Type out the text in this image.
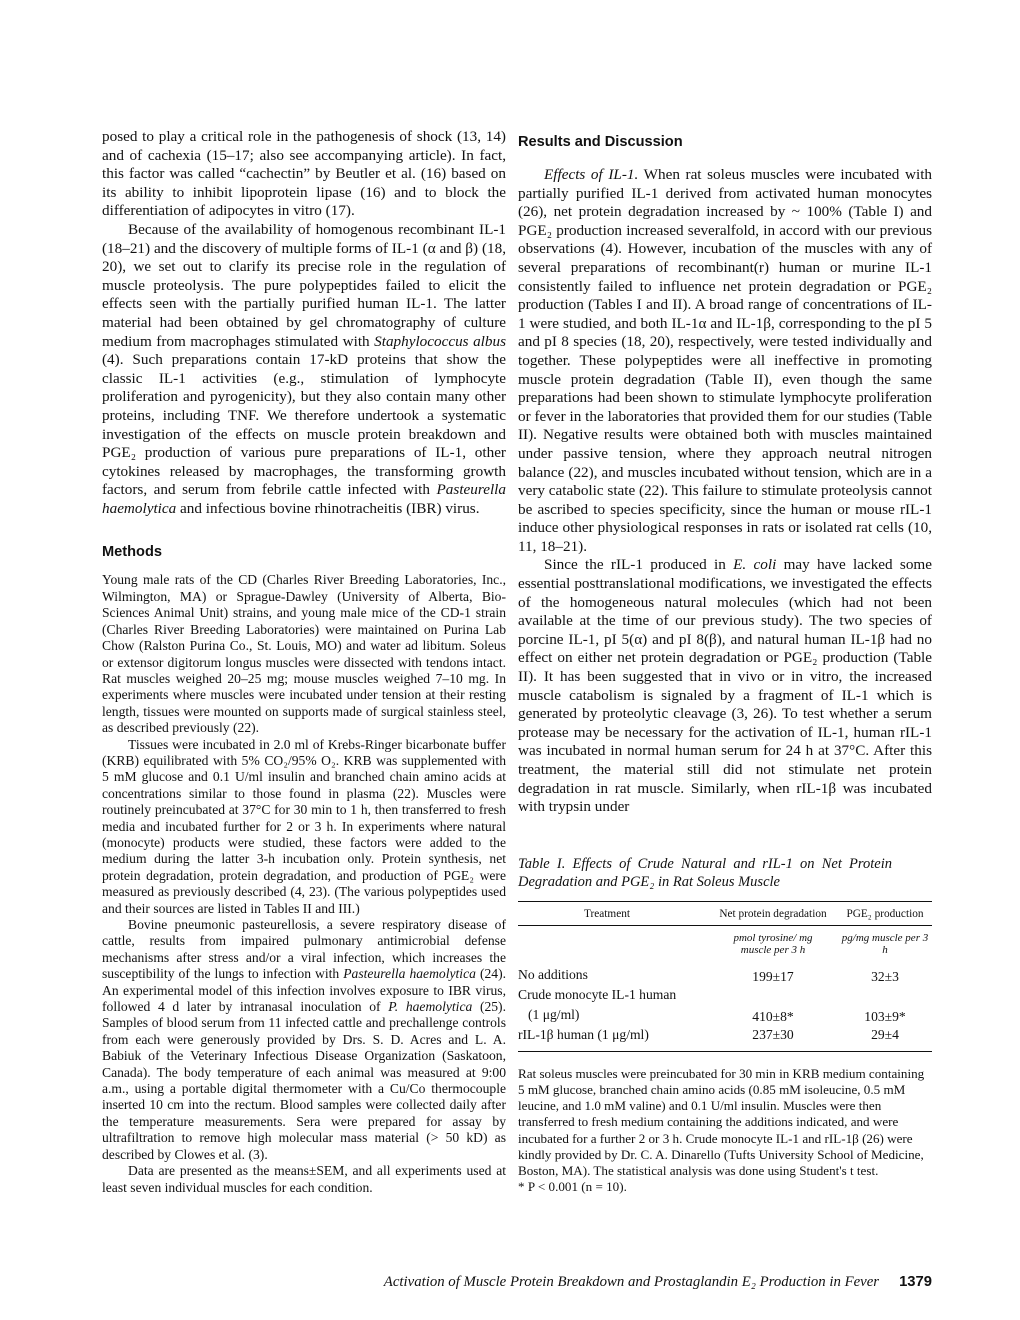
posed to play a critical role in the pathogenesis of shock (13, 14) and of cachexia (15–17; also see accompanying article). In fact, this factor was called “cachectin” by Beutler et al. (16) based on its ability to inhibit lipoprotein lipase (16) and to block the differentiation of adipocytes in vitro (17).

Because of the availability of homogenous recombinant IL-1 (18–21) and the discovery of multiple forms of IL-1 (α and β) (18, 20), we set out to clarify its precise role in the regulation of muscle proteolysis. The pure polypeptides failed to elicit the effects seen with the partially purified human IL-1. The latter material had been obtained by gel chromatography of culture medium from macrophages stimulated with Staphylococcus albus (4). Such preparations contain 17-kD proteins that show the classic IL-1 activities (e.g., stimulation of lymphocyte proliferation and pyrogenicity), but they also contain many other proteins, including TNF. We therefore undertook a systematic investigation of the effects on muscle protein breakdown and PGE₂ production of various pure preparations of IL-1, other cytokines released by macrophages, the transforming growth factors, and serum from febrile cattle infected with Pasteurella haemolytica and infectious bovine rhinotracheitis (IBR) virus.

Methods

Young male rats of the CD (Charles River Breeding Laboratories, Inc., Wilmington, MA) or Sprague-Dawley (University of Alberta, Bio-Sciences Animal Unit) strains, and young male mice of the CD-1 strain (Charles River Breeding Laboratories) were maintained on Purina Lab Chow (Ralston Purina Co., St. Louis, MO) and water ad libitum. Soleus or extensor digitorum longus muscles were dissected with tendons intact. Rat muscles weighed 20–25 mg; mouse muscles weighed 7–10 mg. In experiments where muscles were incubated under tension at their resting length, tissues were mounted on supports made of surgical stainless steel, as described previously (22).

Tissues were incubated in 2.0 ml of Krebs-Ringer bicarbonate buffer (KRB) equilibrated with 5% CO₂/95% O₂. KRB was supplemented with 5 mM glucose and 0.1 U/ml insulin and branched chain amino acids at concentrations similar to those found in plasma (22). Muscles were routinely preincubated at 37°C for 30 min to 1 h, then transferred to fresh media and incubated further for 2 or 3 h. In experiments where natural (monocyte) products were studied, these factors were added to the medium during the latter 3-h incubation only. Protein synthesis, net protein degradation, protein degradation, and production of PGE₂ were measured as previously described (4, 23). (The various polypeptides used and their sources are listed in Tables II and III.)

Bovine pneumonic pasteurellosis, a severe respiratory disease of cattle, results from impaired pulmonary antimicrobial defense mechanisms after stress and/or a viral infection, which increases the susceptibility of the lungs to infection with Pasteurella haemolytica (24). An experimental model of this infection involves exposure to IBR virus, followed 4 d later by intranasal inoculation of P. haemolytica (25). Samples of blood serum from 11 infected cattle and prechallenge controls from each were generously provided by Drs. S. D. Acres and L. A. Babiuk of the Veterinary Infectious Disease Organization (Saskatoon, Canada). The body temperature of each animal was measured at 9:00 a.m., using a portable digital thermometer with a Cu/Co thermocouple inserted 10 cm into the rectum. Blood samples were collected daily after the temperature measurements. Sera were prepared for assay by ultrafiltration to remove high molecular mass material (> 50 kD) as described by Clowes et al. (3).

Data are presented as the means±SEM, and all experiments used at least seven individual muscles for each condition.

Results and Discussion

Effects of IL-1. When rat soleus muscles were incubated with partially purified IL-1 derived from activated human monocytes (26), net protein degradation increased by ~ 100% (Table I) and PGE₂ production increased severalfold, in accord with our previous observations (4). However, incubation of the muscles with any of several preparations of recombinant(r) human or murine IL-1 consistently failed to influence net protein degradation or PGE₂ production (Tables I and II). A broad range of concentrations of IL-1 were studied, and both IL-1α and IL-1β, corresponding to the pI 5 and pI 8 species (18, 20), respectively, were tested individually and together. These polypeptides were all ineffective in promoting muscle protein degradation (Table II), even though the same preparations had been shown to stimulate lymphocyte proliferation or fever in the laboratories that provided them for our studies (Table II). Negative results were obtained both with muscles maintained under passive tension, where they approach neutral nitrogen balance (22), and muscles incubated without tension, which are in a very catabolic state (22). This failure to stimulate proteolysis cannot be ascribed to species specificity, since the human or mouse rIL-1 induce other physiological responses in rats or isolated rat cells (10, 11, 18–21).

Since the rIL-1 produced in E. coli may have lacked some essential posttranslational modifications, we investigated the effects of the homogeneous natural molecules (which had not been available at the time of our previous study). The two species of porcine IL-1, pI 5(α) and pI 8(β), and natural human IL-1β had no effect on either net protein degradation or PGE₂ production (Table II). It has been suggested that in vivo or in vitro, the increased muscle catabolism is signaled by a fragment of IL-1 which is generated by proteolytic cleavage (3, 26). To test whether a serum protease may be necessary for the activation of IL-1, human rIL-1 was incubated in normal human serum for 24 h at 37°C. After this treatment, the material still did not stimulate net protein degradation in rat muscle. Similarly, when rIL-1β was incubated with trypsin under

Table I. Effects of Crude Natural and rIL-1 on Net Protein Degradation and PGE₂ in Rat Soleus Muscle

Treatment	Net protein degradation	PGE₂ production

	pmol tyrosine/ mg muscle per 3 h	pg/mg muscle per 3 h
No additions	199±17	32±3
Crude monocyte IL-1 human		
(1 μg/ml)	410±8*	103±9*
rIL-1β human (1 μg/ml)	237±30	29±4

Rat soleus muscles were preincubated for 30 min in KRB medium containing 5 mM glucose, branched chain amino acids (0.85 mM isoleucine, 0.5 mM leucine, and 1.0 mM valine) and 0.1 U/ml insulin. Muscles were then transferred to fresh medium containing the additions indicated, and were incubated for a further 2 or 3 h. Crude monocyte IL-1 and rIL-1β (26) were kindly provided by Dr. C. A. Dinarello (Tufts University School of Medicine, Boston, MA). The statistical analysis was done using Student's t test.

* P < 0.001 (n = 10).

Activation of Muscle Protein Breakdown and Prostaglandin E₂ Production in Fever 1379
